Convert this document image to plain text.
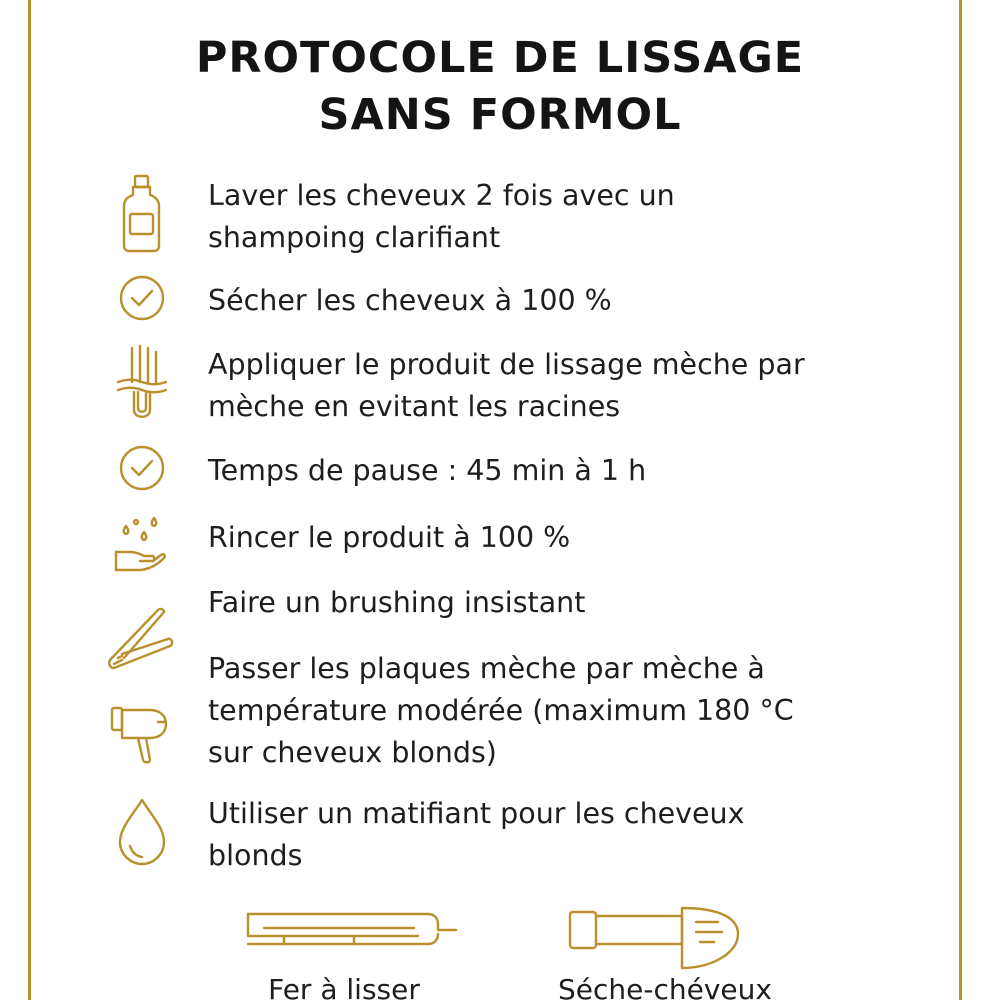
PROTOCOLE DE LISSAGE
SANS FORMOL
Laver les cheveux 2 fois avec un shampoing clarifiant
Sécher les cheveux à 100 %
Appliquer le produit de lissage mèche par mèche en evitant les racines
Temps de pause : 45 min à 1 h
Rincer le produit à 100 %
Faire un brushing insistant
Passer les plaques mèche par mèche à température modérée (maximum 180 °C sur cheveux blonds)
Utiliser un matifiant pour les cheveux blonds
Fer à lisser	Séche-chéveux
